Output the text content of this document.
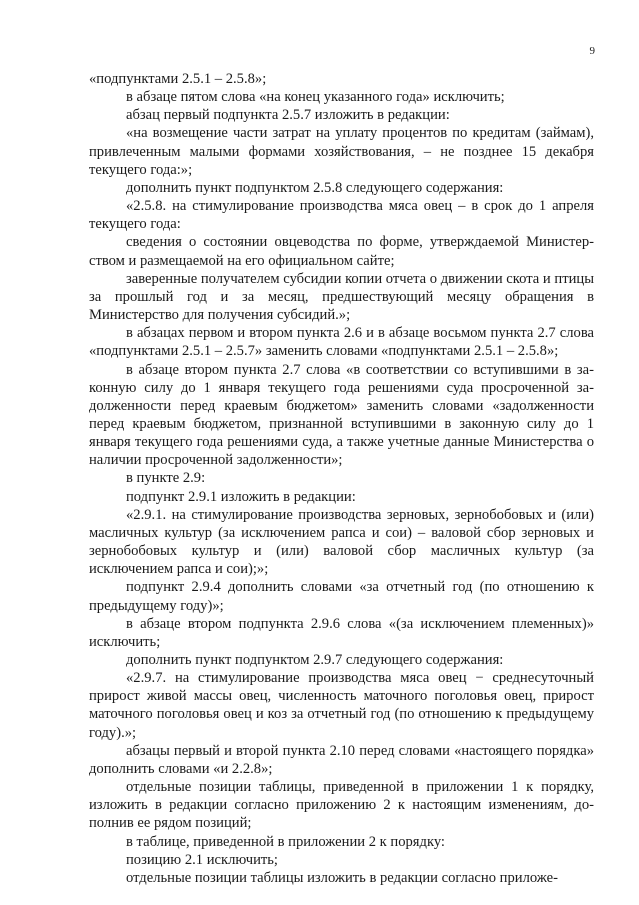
9

«подпунктами 2.5.1 – 2.5.8»;

в абзаце пятом слова «на конец указанного года» исключить;

абзац первый подпункта 2.5.7 изложить в редакции:

«на возмещение части затрат на уплату процентов по кредитам (займам), привлеченным малыми формами хозяйствования, – не позднее 15 декабря текущего года:»;

дополнить пункт подпунктом 2.5.8 следующего содержания:

«2.5.8. на стимулирование производства мяса овец – в срок до 1 апреля текущего года:

сведения о состоянии овцеводства по форме, утверждаемой Министерством и размещаемой на его официальном сайте;

заверенные получателем субсидии копии отчета о движении скота и птицы за прошлый год и за месяц, предшествующий месяцу обращения в Министерство для получения субсидий.»;

в абзацах первом и втором пункта 2.6 и в абзаце восьмом пункта 2.7 слова «подпунктами 2.5.1 – 2.5.7» заменить словами «подпунктами 2.5.1 – 2.5.8»;

в абзаце втором пункта 2.7 слова «в соответствии со вступившими в законную силу до 1 января текущего года решениями суда просроченной задолженности перед краевым бюджетом» заменить словами «задолженности перед краевым бюджетом, признанной вступившими в законную силу до 1 января текущего года решениями суда, а также учетные данные Министерства о наличии просроченной задолженности»;

в пункте 2.9:

подпункт 2.9.1 изложить в редакции:

«2.9.1. на стимулирование производства зерновых, зернобобовых и (или) масличных культур (за исключением рапса и сои) – валовой сбор зерновых и зернобобовых культур и (или) валовой сбор масличных культур (за исключением рапса и сои);»;

подпункт 2.9.4 дополнить словами «за отчетный год (по отношению к предыдущему году)»;

в абзаце втором подпункта 2.9.6 слова «(за исключением племенных)» исключить;

дополнить пункт подпунктом 2.9.7 следующего содержания:

«2.9.7. на стимулирование производства мяса овец − среднесуточный прирост живой массы овец, численность маточного поголовья овец, прирост маточного поголовья овец и коз за отчетный год (по отношению к предыдущему году).»;

абзацы первый и второй пункта 2.10 перед словами «настоящего порядка» дополнить словами «и 2.2.8»;

отдельные позиции таблицы, приведенной в приложении 1 к порядку, изложить в редакции согласно приложению 2 к настоящим изменениям, дополнив ее рядом позиций;

в таблице, приведенной в приложении 2 к порядку:

позицию 2.1 исключить;

отдельные позиции таблицы изложить в редакции согласно приложе-
